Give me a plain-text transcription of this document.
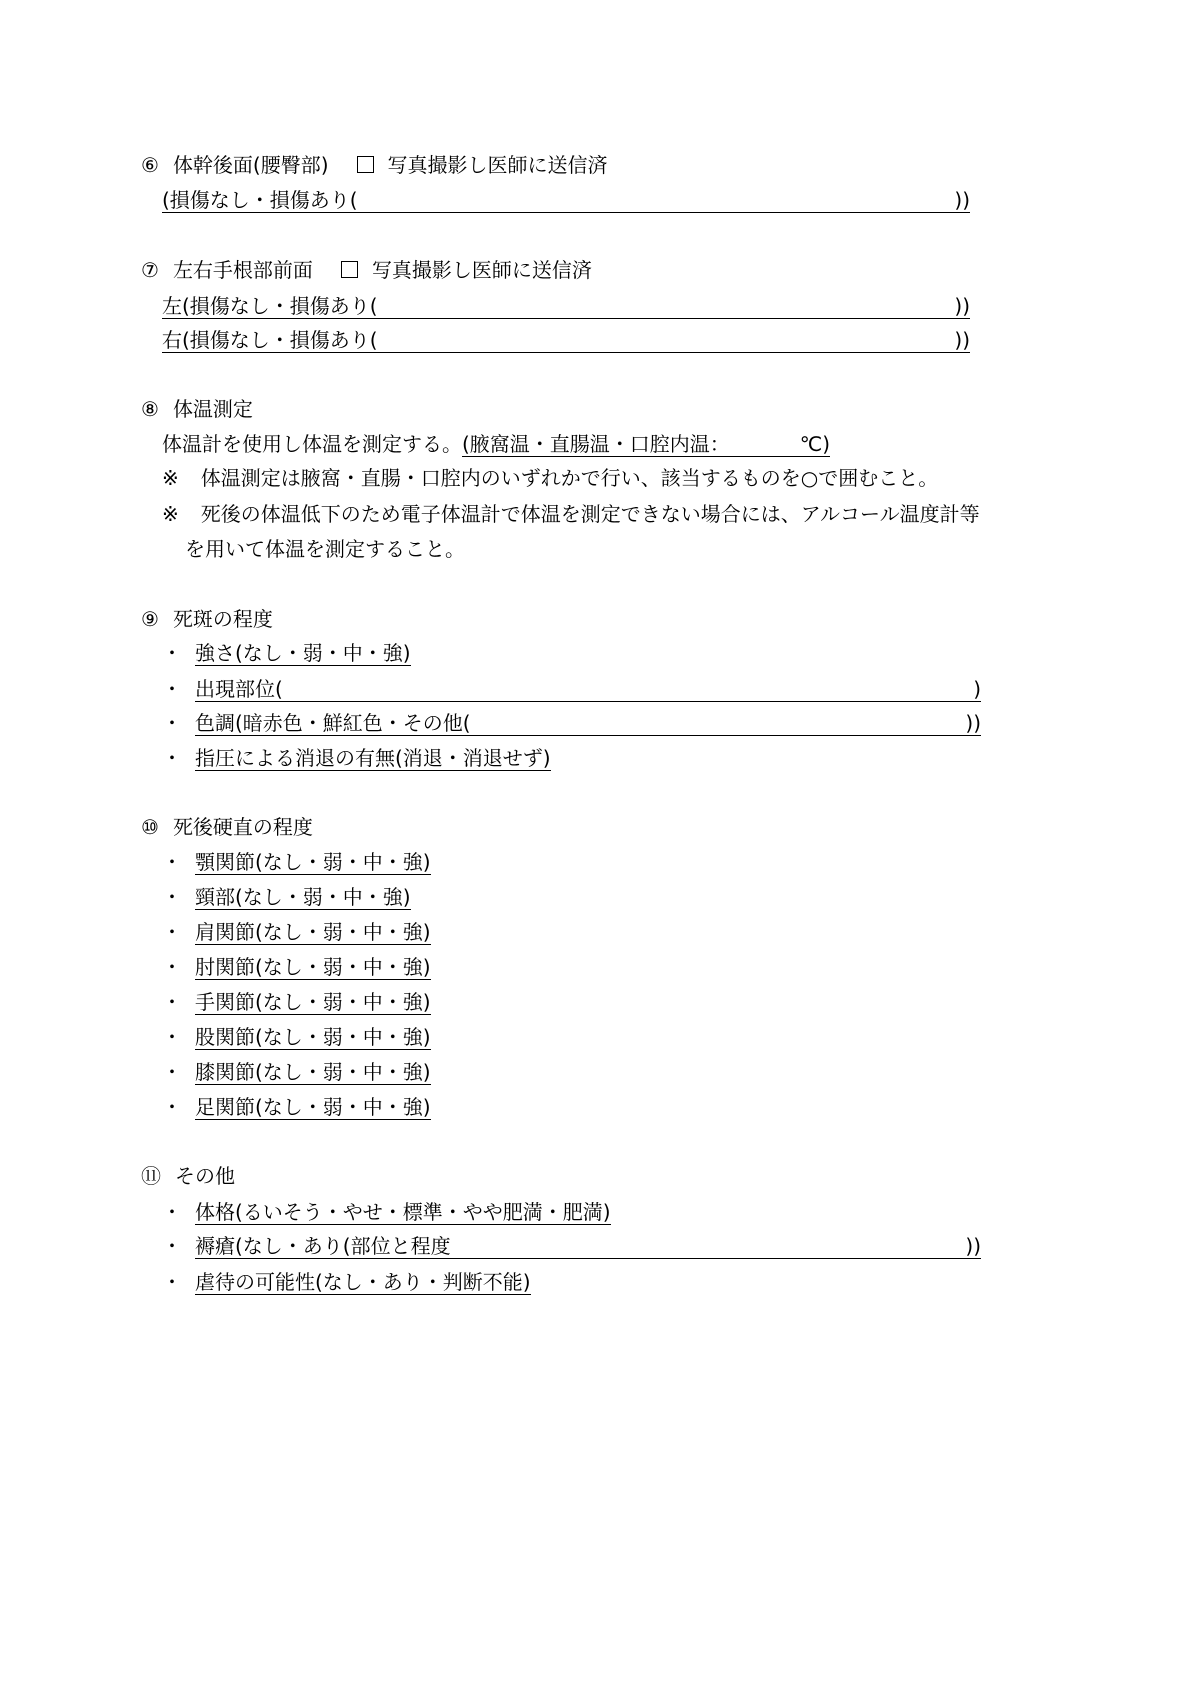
⑥ 体幹後面(腰臀部)	写真撮影し医師に送信済
(損傷なし・損傷あり(	))
⑦ 左右手根部前面	写真撮影し医師に送信済
左(損傷なし・損傷あり(	))
右(損傷なし・損傷あり(	))
⑧ 体温測定
体温計を使用し体温を測定する。(腋窩温・直腸温・口腔内温：　　　　℃)
※ 体温測定は腋窩・直腸・口腔内のいずれかで行い、該当するものを○で囲むこと。
※ 死後の体温低下のため電子体温計で体温を測定できない場合には、アルコール温度計等
を用いて体温を測定すること。
⑨ 死斑の程度
・ 強さ(なし・弱・中・強)
・ 出現部位(	)
・ 色調(暗赤色・鮮紅色・その他(	))
・ 指圧による消退の有無(消退・消退せず)
⑩ 死後硬直の程度
・ 顎関節(なし・弱・中・強)
・ 頸部(なし・弱・中・強)
・ 肩関節(なし・弱・中・強)
・ 肘関節(なし・弱・中・強)
・ 手関節(なし・弱・中・強)
・ 股関節(なし・弱・中・強)
・ 膝関節(なし・弱・中・強)
・ 足関節(なし・弱・中・強)
⑪ その他
・ 体格(るいそう・やせ・標準・やや肥満・肥満)
・ 褥瘡(なし・あり(部位と程度	))
・ 虐待の可能性(なし・あり・判断不能)
